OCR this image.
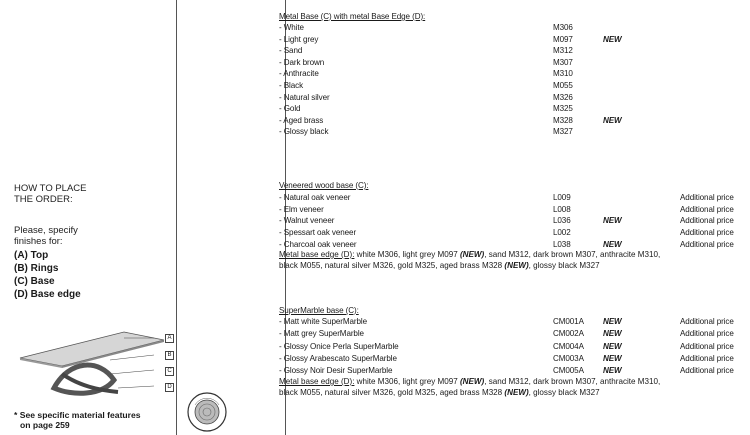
HOW TO PLACE
THE ORDER:
Please, specify
finishes for:
(A) Top
(B) Rings
(C) Base
(D) Base edge
A
B
C
D
* See specific material features
on page 259
Metal Base (C) with metal Base Edge (D):
- White
- Light grey
- Sand
- Dark brown
- Anthracite
- Black
- Natural silver
- Gold
- Aged brass
- Glossy black
M306
M097
M312
M307
M310
M055
M326
M325
M328
M327
NEW
NEW
Veneered wood base (C):
- Natural oak veneer
- Elm veneer
- Walnut veneer
- Spessart oak veneer
- Charcoal oak veneer
L009
L008
L036
L002
L038
NEW
NEW
Additional price
Additional price
Additional price
Additional price
Additional price
Metal base edge (D): white M306, light grey M097 (NEW), sand M312, dark brown M307, anthracite M310,
black M055, natural silver M326, gold M325, aged brass M328 (NEW), glossy black M327
SuperMarble base (C):
- Matt white SuperMarble
- Matt grey SuperMarble
- Glossy Onice Perla SuperMarble
- Glossy Arabescato SuperMarble
- Glossy Noir Desir SuperMarble
CM001A
CM002A
CM004A
CM003A
CM005A
NEW
NEW
NEW
NEW
NEW
Additional price
Additional price
Additional price
Additional price
Additional price
Metal base edge (D): white M306, light grey M097 (NEW), sand M312, dark brown M307, anthracite M310,
black M055, natural silver M326, gold M325, aged brass M328 (NEW), glossy black M327
